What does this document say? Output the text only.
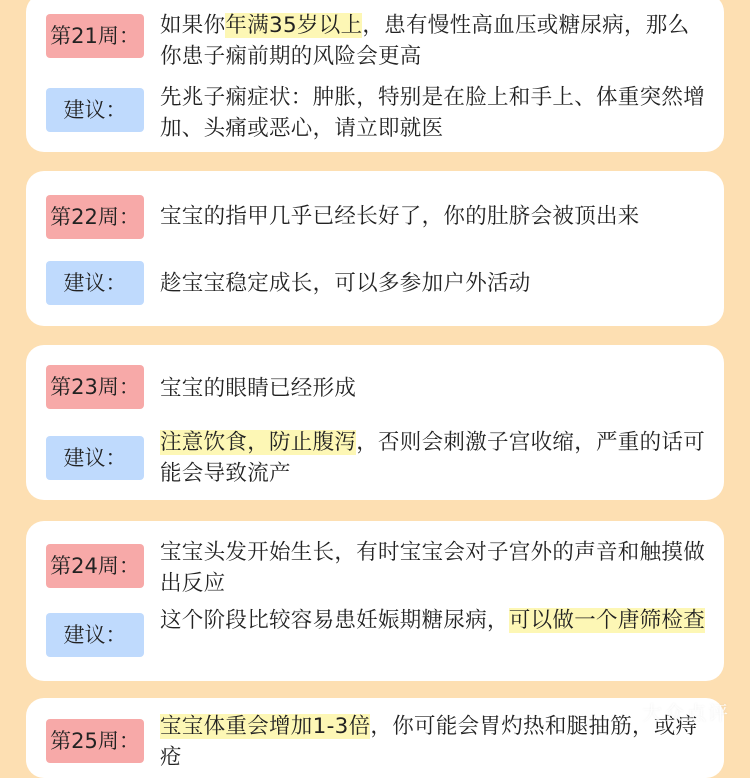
第21周： 如果你年满35岁以上，患有慢性高血压或糖尿病，那么你患子痫前期的风险会更高
建议：	先兆子痫症状：肿胀，特别是在脸上和手上、体重突然增加、头痛或恶心，请立即就医
第22周： 宝宝的指甲几乎已经长好了，你的肚脐会被顶出来
建议：	趁宝宝稳定成长，可以多参加户外活动
第23周： 宝宝的眼睛已经形成
建议：
注意饮食，防止腹泻，否则会刺激子宫收缩，严重的话可能会导致流产
第24周：
宝宝头发开始生长，有时宝宝会对子宫外的声音和触摸做出反应
建议：
这个阶段比较容易患妊娠期糖尿病，可以做一个唐筛检查
第25周：
宝宝体重会增加1-3倍，你可能会胃灼热和腿抽筋，或痔疮
大众点评
